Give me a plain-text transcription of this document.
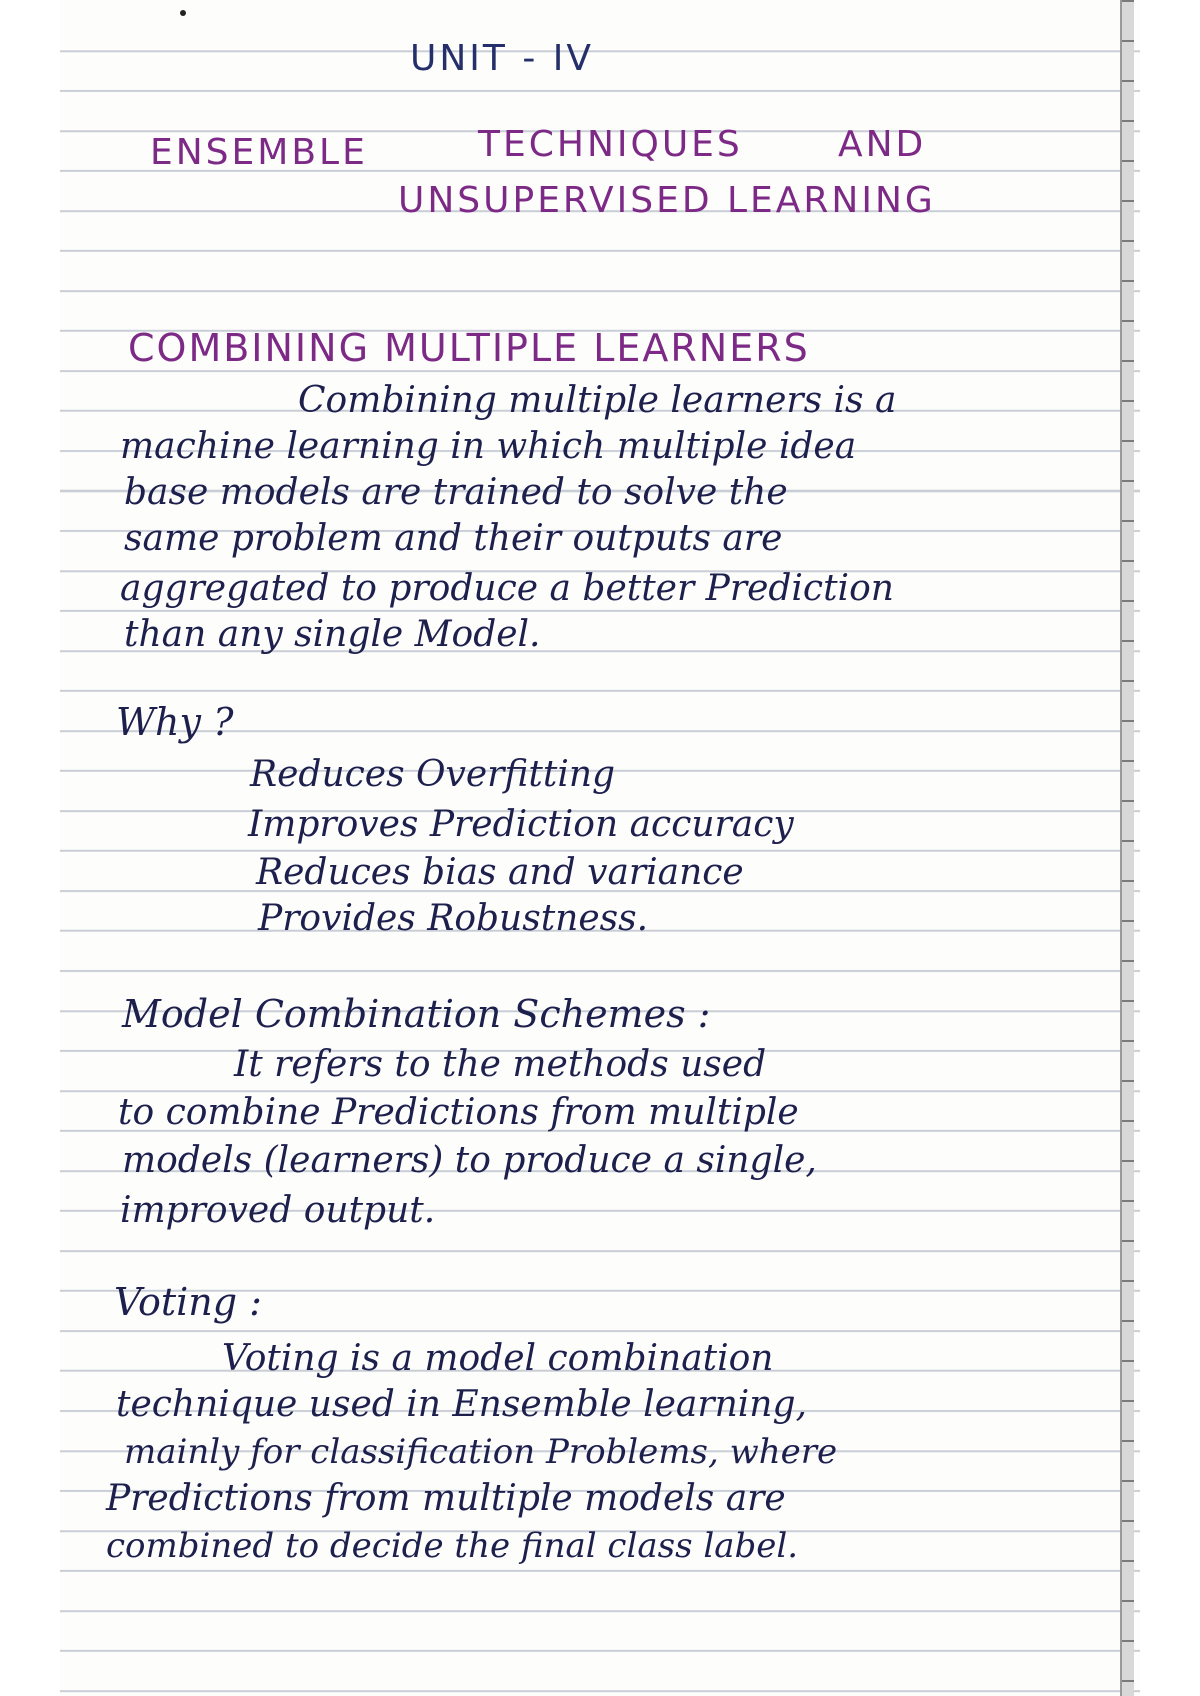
UNIT - IV
ENSEMBLE	TECHNIQUES	AND
UNSUPERVISED LEARNING
COMBINING MULTIPLE LEARNERS
Combining multiple learners is a
machine learning in which multiple idea
base models are trained to solve the
same problem and their outputs are
aggregated to produce a better Prediction
than any single Model.
Why ?
Reduces Overfitting
Improves Prediction accuracy
Reduces bias and variance
Provides Robustness.
Model Combination Schemes :
It refers to the methods used
to combine Predictions from multiple
models (learners) to produce a single,
improved output.
Voting :
Voting is a model combination
technique used in Ensemble learning,
mainly for classification Problems, where
Predictions from multiple models are
combined to decide the final class label.
